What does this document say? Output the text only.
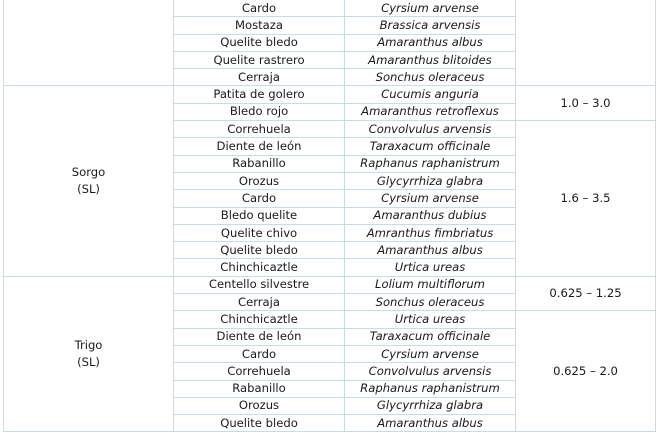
	Cardo	Cyrsium arvense	
	Mostaza	Brassica arvensis	
	Quelite bledo	Amaranthus albus	
	Quelite rastrero	Amaranthus blitoides	
	Cerraja	Sonchus oleraceus	

Sorgo
(SL)	Patita de golero	Cucumis anguria	1.0 – 3.0
	Bledo rojo	Amaranthus retroflexus	
	Correhuela	Convolvulus arvensis	1.6 – 3.5
	Diente de león	Taraxacum officinale	
	Rabanillo	Raphanus raphanistrum	
	Orozus	Glycyrrhiza glabra	
	Cardo	Cyrsium arvense	
	Bledo quelite	Amaranthus dubius	
	Quelite chivo	Amranthus fimbriatus	
	Quelite bledo	Amaranthus albus	
	Chinchicaztle	Urtica ureas	

Trigo
(SL)	Centello silvestre	Lolium multiflorum	0.625 – 1.25
	Cerraja	Sonchus oleraceus	
	Chinchicaztle	Urtica ureas	0.625 – 2.0
	Diente de león	Taraxacum officinale	
	Cardo	Cyrsium arvense	
	Correhuela	Convolvulus arvensis	
	Rabanillo	Raphanus raphanistrum	
	Orozus	Glycyrrhiza glabra	
	Quelite bledo	Amaranthus albus	
